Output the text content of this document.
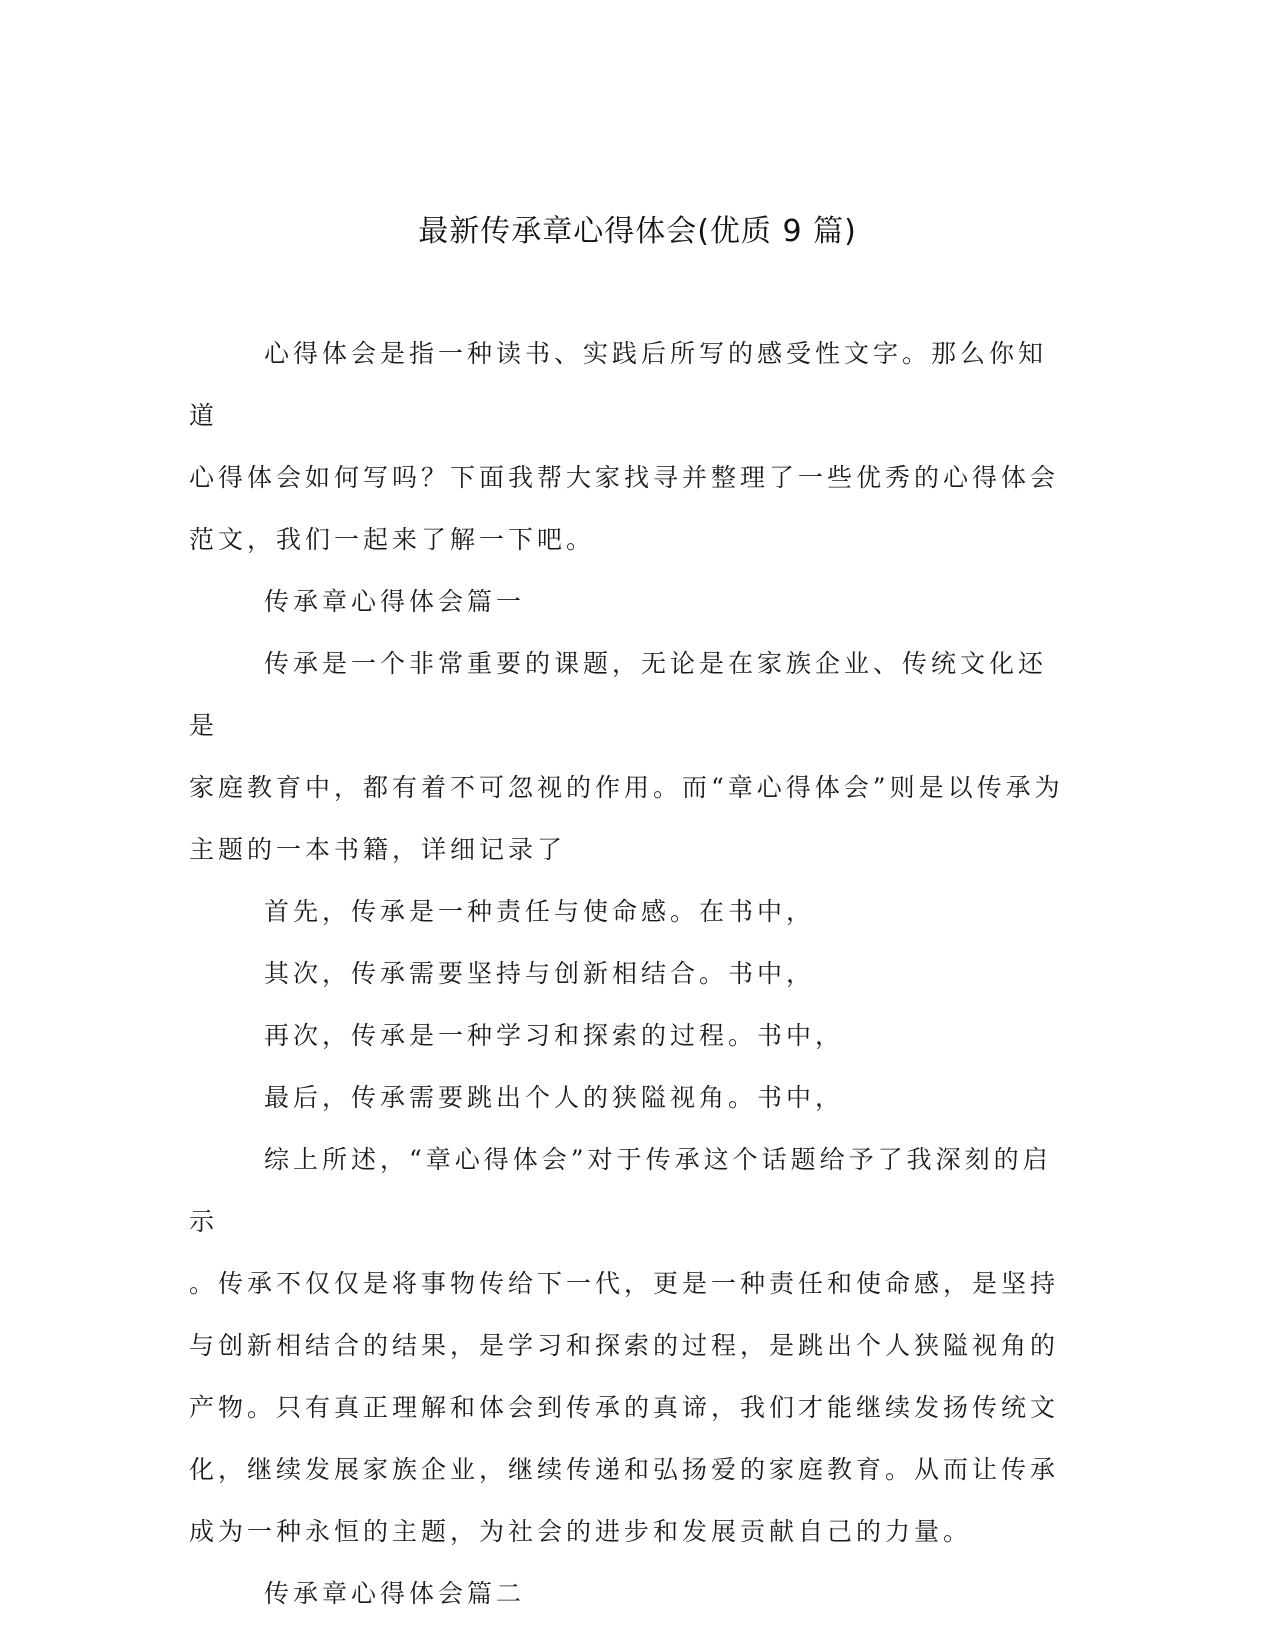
最新传承章心得体会(优质 9 篇)

心得体会是指一种读书、实践后所写的感受性文字。那么你知道
心得体会如何写吗？下面我帮大家找寻并整理了一些优秀的心得体会
范文，我们一起来了解一下吧。

传承章心得体会篇一

传承是一个非常重要的课题，无论是在家族企业、传统文化还是
家庭教育中，都有着不可忽视的作用。而“章心得体会”则是以传承为
主题的一本书籍，详细记录了

首先，传承是一种责任与使命感。在书中，

其次，传承需要坚持与创新相结合。书中，

再次，传承是一种学习和探索的过程。书中，

最后，传承需要跳出个人的狭隘视角。书中，

综上所述，“章心得体会”对于传承这个话题给予了我深刻的启示
。传承不仅仅是将事物传给下一代，更是一种责任和使命感，是坚持
与创新相结合的结果，是学习和探索的过程，是跳出个人狭隘视角的
产物。只有真正理解和体会到传承的真谛，我们才能继续发扬传统文
化，继续发展家族企业，继续传递和弘扬爱的家庭教育。从而让传承
成为一种永恒的主题，为社会的进步和发展贡献自己的力量。

传承章心得体会篇二
